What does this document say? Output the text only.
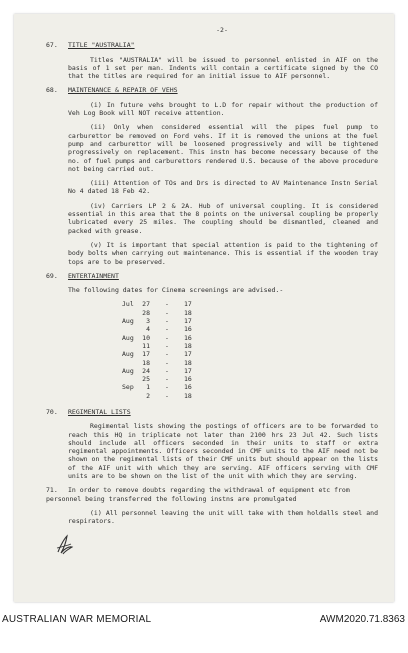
-2-
67. TITLE "AUSTRALIA"
Titles "AUSTRALIA" will be issued to personnel enlisted in AIF on the basis of 1 set per man. Indents will contain a certificate signed by the CO that the titles are required for an initial issue to AIF personnel.
68. MAINTENANCE & REPAIR OF VEHS
(i) In future vehs brought to L.D for repair without the production of Veh Log Book will NOT receive attention.
(ii) Only when considered essential will the pipes fuel pump to carburettor be removed on Ford vehs. If it is removed the unions at the fuel pump and carburettor will be loosened progressively and will be tightened progressively on replacement. This instn has become necessary because of the no. of fuel pumps and carburettors rendered U.S. because of the above procedure not being carried out.
(iii) Attention of TOs and Drs is directed to AV Maintenance Instn Serial No 4 dated 18 Feb 42.
(iv) Carriers LP 2 & 2A. Hub of universal coupling. It is considered essential in this area that the 8 points on the universal coupling be properly lubricated every 25 miles. The coupling should be dismantled, cleaned and packed with grease.
(v) It is important that special attention is paid to the tightening of body bolts when carrying out maintenance. This is essential if the wooden tray tops are to be preserved.
69. ENTERTAINMENT
The following dates for Cinema screenings are advised.-
Jul	27	-	17
	28	-	18
Aug	3	-	17
	4	-	16
Aug	10	-	16
	11	-	18
Aug	17	-	17
	18	-	18
Aug	24	-	17
	25	-	16
Sep	1	-	16
	2	-	18
70. REGIMENTAL LISTS
Regimental lists showing the postings of officers are to be forwarded to reach this HQ in triplicate not later than 2100 hrs 23 Jul 42. Such lists should include all officers seconded in their units to staff or extra regimental appointments. Officers seconded in CMF units to the AIF need not be shown on the regimental lists of their CMF units but should appear on the lists of the AIF unit with which they are serving. AIF officers serving with CMF units are to be shown on the list of the unit with which they are serving.
71. In order to remove doubts regarding the withdrawal of equipment etc from personnel being transferred the following instns are promulgated
(i) All personnel leaving the unit will take with them holdalls steel and respirators.
AUSTRALIAN WAR MEMORIAL	AWM2020.71.8363
